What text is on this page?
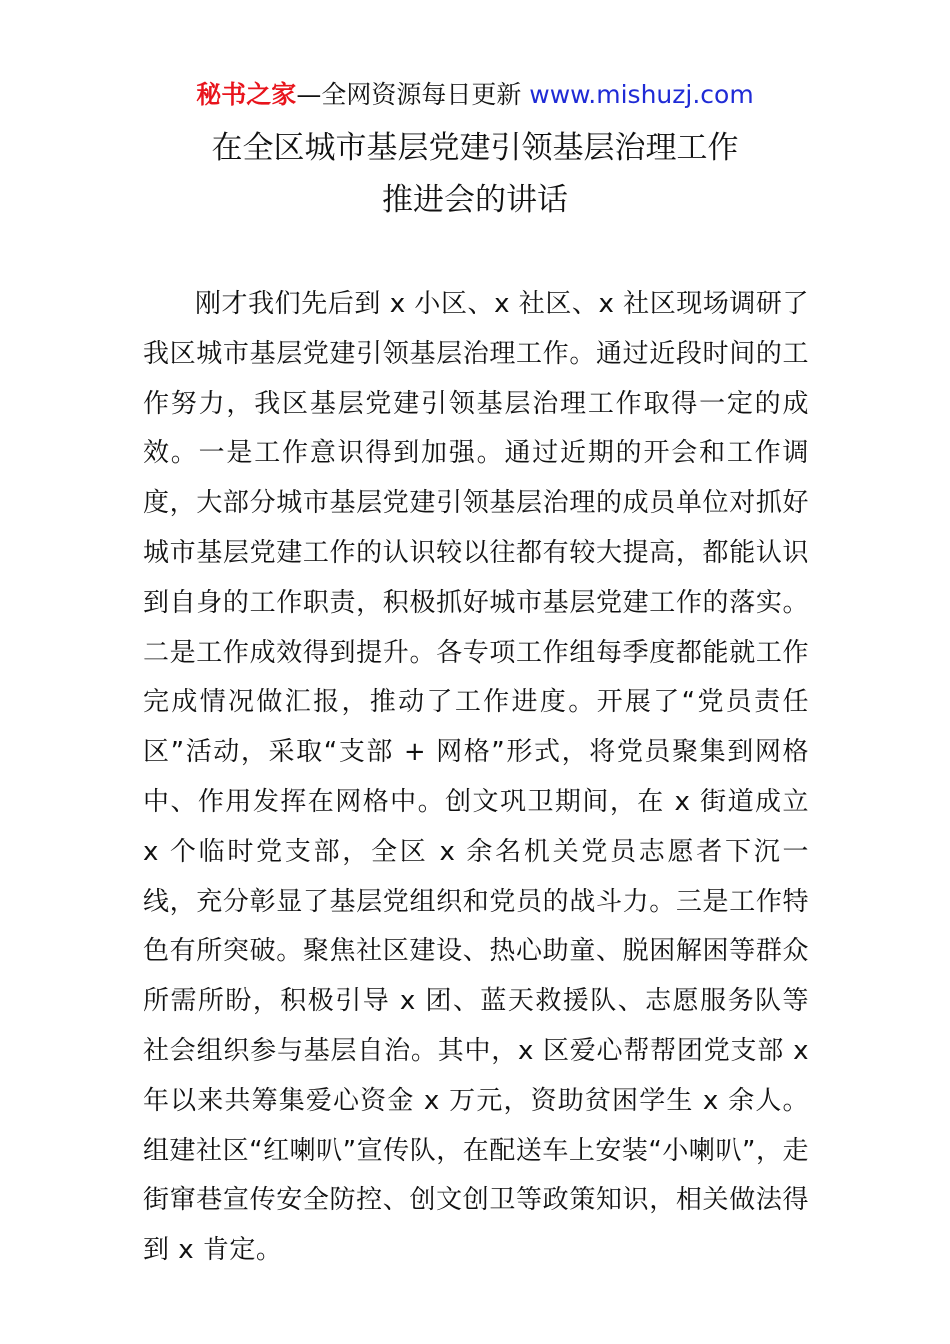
秘书之家—全网资源每日更新 www.mishuzj.com
在全区城市基层党建引领基层治理工作
推进会的讲话

刚才我们先后到 x 小区、x 社区、x 社区现场调研了我区城市基层党建引领基层治理工作。通过近段时间的工作努力，我区基层党建引领基层治理工作取得一定的成效。一是工作意识得到加强。通过近期的开会和工作调度，大部分城市基层党建引领基层治理的成员单位对抓好城市基层党建工作的认识较以往都有较大提高，都能认识到自身的工作职责，积极抓好城市基层党建工作的落实。二是工作成效得到提升。各专项工作组每季度都能就工作完成情况做汇报，推动了工作进度。开展了“党员责任区”活动，采取“支部 + 网格”形式，将党员聚集到网格中、作用发挥在网格中。创文巩卫期间，在 x 街道成立 x 个临时党支部，全区 x 余名机关党员志愿者下沉一线，充分彰显了基层党组织和党员的战斗力。三是工作特色有所突破。聚焦社区建设、热心助童、脱困解困等群众所需所盼，积极引导 x 团、蓝天救援队、志愿服务队等社会组织参与基层自治。其中，x 区爱心帮帮团党支部 x 年以来共筹集爱心资金 x 万元，资助贫困学生 x 余人。组建社区“红喇叭”宣传队，在配送车上安装“小喇叭”，走街窜巷宣传安全防控、创文创卫等政策知识，相关做法得到 x 肯定。
